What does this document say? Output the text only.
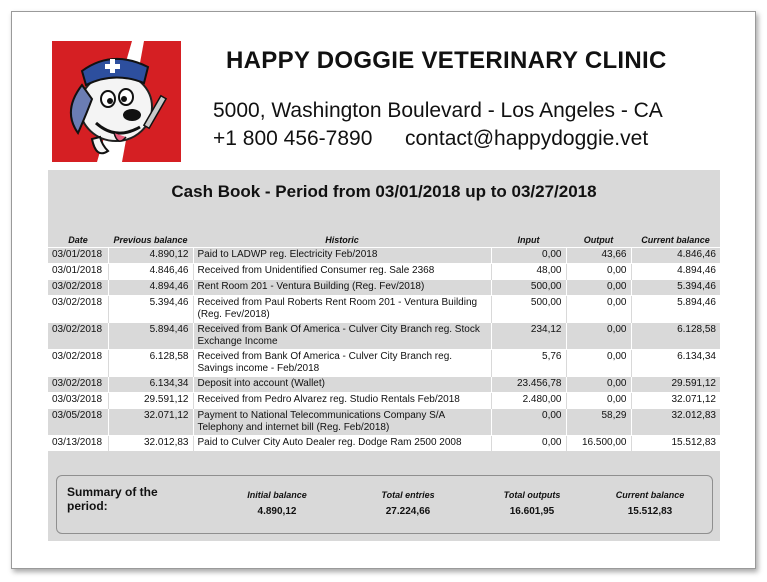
HAPPY DOGGIE VETERINARY CLINIC
5000, Washington Boulevard - Los Angeles - CA
+1 800 456-7890 contact@happydoggie.vet
Cash Book - Period from 03/01/2018 up to 03/27/2018
Date	Previous balance	Historic	Input	Output	Current balance
03/01/2018	4.890,12	Paid to LADWP reg. Electricity Feb/2018	0,00	43,66	4.846,46
03/01/2018	4.846,46	Received from Unidentified Consumer reg. Sale 2368	48,00	0,00	4.894,46
03/02/2018	4.894,46	Rent Room 201 - Ventura Building (Reg. Fev/2018)	500,00	0,00	5.394,46
03/02/2018	5.394,46	Received from Paul Roberts Rent Room 201 - Ventura Building (Reg. Fev/2018)	500,00	0,00	5.894,46
03/02/2018	5.894,46	Received from Bank Of America - Culver City Branch reg. Stock Exchange Income	234,12	0,00	6.128,58
03/02/2018	6.128,58	Received from Bank Of America - Culver City Branch reg. Savings income - Feb/2018	5,76	0,00	6.134,34
03/02/2018	6.134,34	Deposit into account (Wallet)	23.456,78	0,00	29.591,12
03/03/2018	29.591,12	Received from Pedro Alvarez reg. Studio Rentals Feb/2018	2.480,00	0,00	32.071,12
03/05/2018	32.071,12	Payment to National Telecommunications Company S/A Telephony and internet bill (Reg. Feb/2018)	0,00	58,29	32.012,83
03/13/2018	32.012,83	Paid to Culver City Auto Dealer reg. Dodge Ram 2500 2008	0,00	16.500,00	15.512,83
Summary of the period:
Initial balance
4.890,12
Total entries
27.224,66
Total outputs
16.601,95
Current balance
15.512,83
